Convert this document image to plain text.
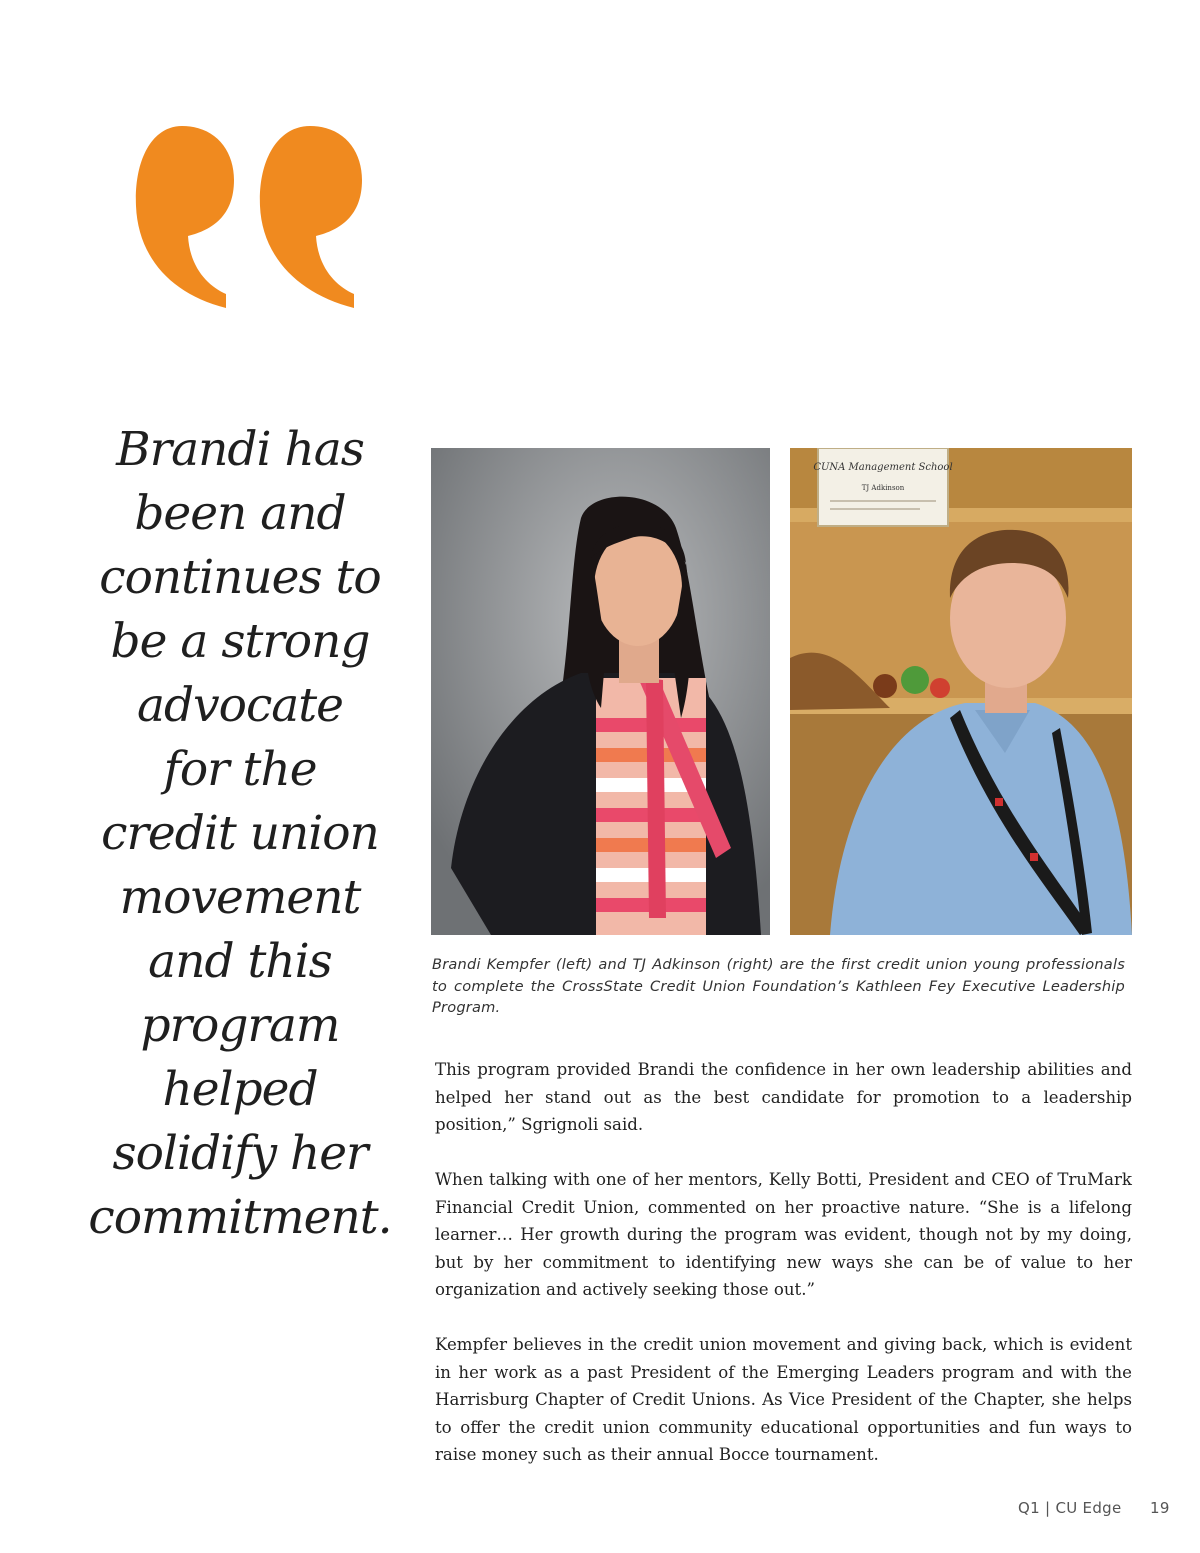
Brandi has
been and
continues to
be a strong
advocate
for the
credit union
movement
and this
program
helped
solidify her
commitment.
CUNA Management School
TJ Adkinson
Brandi Kempfer (left) and TJ Adkinson (right) are the first credit union young professionals to complete the CrossState Credit Union Foundation’s Kathleen Fey Executive Leadership Program.

This program provided Brandi the confidence in her own leadership abilities and helped her stand out as the best candidate for promotion to a leadership position,” Sgrignoli said.

When talking with one of her mentors, Kelly Botti, President and CEO of TruMark Financial Credit Union, commented on her proactive nature. “She is a lifelong learner… Her growth during the program was evident, though not by my doing, but by her commitment to identifying new ways she can be of value to her organization and actively seeking those out.”

Kempfer believes in the credit union movement and giving back, which is evident in her work as a past President of the Emerging Leaders program and with the Harrisburg Chapter of Credit Unions. As Vice President of the Chapter, she helps to offer the credit union community educational opportunities and fun ways to raise money such as their annual Bocce tournament.

Q1 | CU Edge 19
